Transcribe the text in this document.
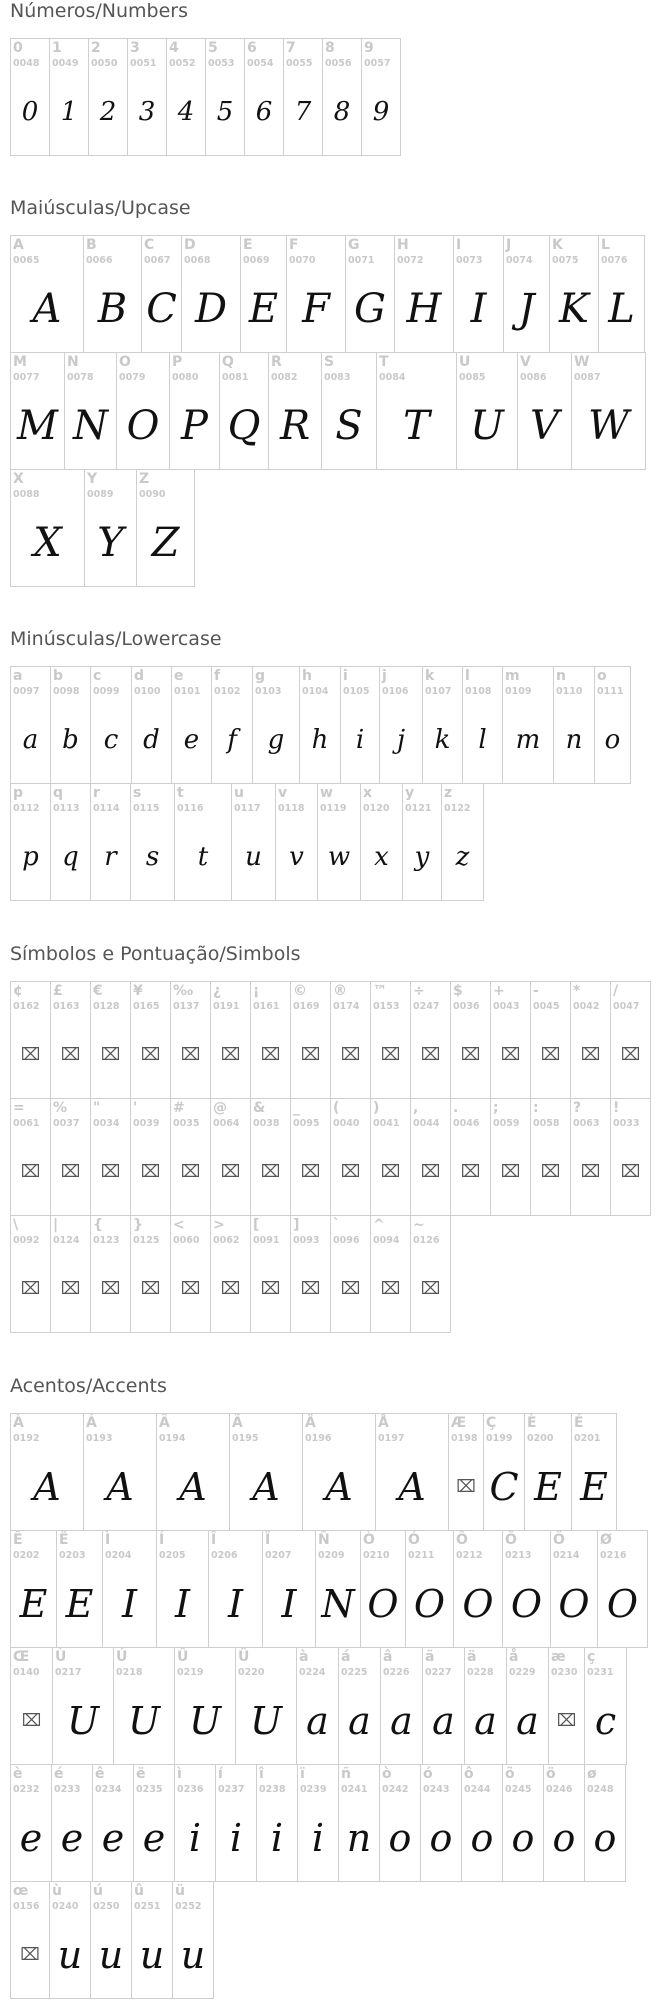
Números/Numbers
0
0048
0
1
0049
1
2
0050
2
3
0051
3
4
0052
4
5
0053
5
6
0054
6
7
0055
7
8
0056
8
9
0057
9
Maiúsculas/Upcase
A
0065
A
B
0066
B
C
0067
C
D
0068
D
E
0069
E
F
0070
F
G
0071
G
H
0072
H
I
0073
I
J
0074
J
K
0075
K
L
0076
L
M
0077
M
N
0078
N
O
0079
O
P
0080
P
Q
0081
Q
R
0082
R
S
0083
S
T
0084
T
U
0085
U
V
0086
V
W
0087
W
X
0088
X
Y
0089
Y
Z
0090
Z
Minúsculas/Lowercase
a
0097
a
b
0098
b
c
0099
c
d
0100
d
e
0101
e
f
0102
f
g
0103
g
h
0104
h
i
0105
i
j
0106
j
k
0107
k
l
0108
l
m
0109
m
n
0110
n
o
0111
o
p
0112
p
q
0113
q
r
0114
r
s
0115
s
t
0116
t
u
0117
u
v
0118
v
w
0119
w
x
0120
x
y
0121
y
z
0122
z
Símbolos e Pontuação/Simbols
¢
0162
⌧
£
0163
⌧
€
0128
⌧
¥
0165
⌧
‰
0137
⌧
¿
0191
⌧
¡
0161
⌧
©
0169
⌧
®
0174
⌧
™
0153
⌧
÷
0247
⌧
$
0036
⌧
+
0043
⌧
-
0045
⌧
*
0042
⌧
/
0047
⌧
=
0061
⌧
%
0037
⌧
"
0034
⌧
'
0039
⌧
#
0035
⌧
@
0064
⌧
&
0038
⌧
_
0095
⌧
(
0040
⌧
)
0041
⌧
,
0044
⌧
.
0046
⌧
;
0059
⌧
:
0058
⌧
?
0063
⌧
!
0033
⌧
\
0092
⌧
|
0124
⌧
{
0123
⌧
}
0125
⌧
<
0060
⌧
>
0062
⌧
[
0091
⌧
]
0093
⌧
`
0096
⌧
^
0094
⌧
~
0126
⌧
Acentos/Accents
À
0192
A
Á
0193
A
Â
0194
A
Ã
0195
A
Ä
0196
A
Å
0197
A
Æ
0198
⌧
Ç
0199
C
È
0200
E
É
0201
E
Ê
0202
E
Ë
0203
E
Ì
0204
I
Í
0205
I
Î
0206
I
Ï
0207
I
Ñ
0209
N
Ò
0210
O
Ó
0211
O
Ô
0212
O
Õ
0213
O
Ö
0214
O
Ø
0216
O
Œ
0140
⌧
Ù
0217
U
Ú
0218
U
Û
0219
U
Ü
0220
U
à
0224
a
á
0225
a
â
0226
a
ã
0227
a
ä
0228
a
å
0229
a
æ
0230
⌧
ç
0231
c
è
0232
e
é
0233
e
ê
0234
e
ë
0235
e
ì
0236
i
í
0237
i
î
0238
i
ï
0239
i
ñ
0241
n
ò
0242
o
ó
0243
o
ô
0244
o
õ
0245
o
ö
0246
o
ø
0248
o
œ
0156
⌧
ù
0240
u
ú
0250
u
û
0251
u
ü
0252
u
